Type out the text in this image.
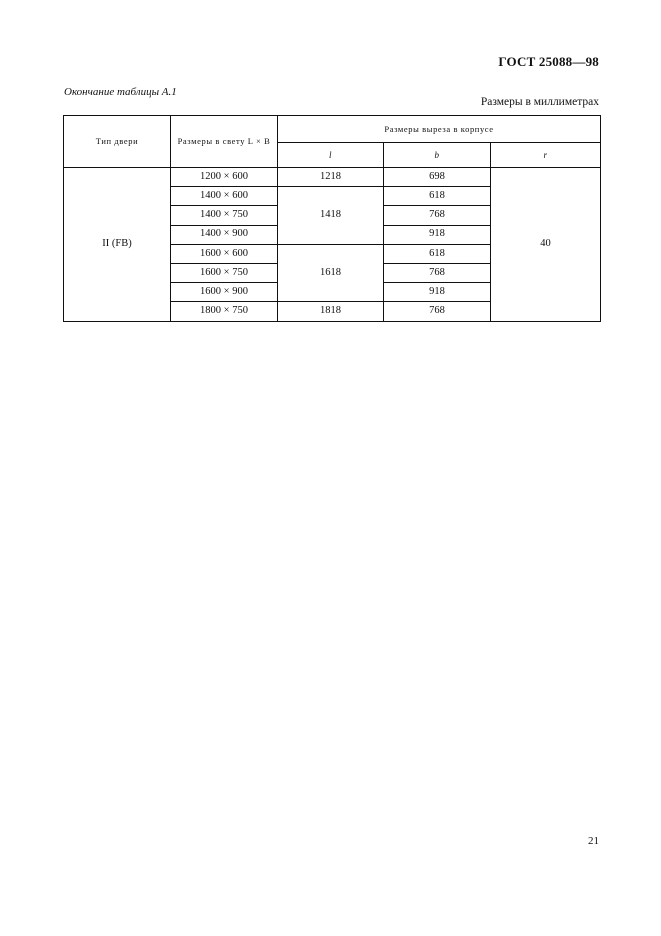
ГОСТ 25088—98
Окончание таблицы А.1
Размеры в миллиметрах
Тип двери	Размеры в свету L × B	Размеры выреза в корпусе		
		l	b	r
II (FB)	1200 × 600	1218	698	40
	1400 × 600	1418	618	
	1400 × 750		768	
	1400 × 900		918	
	1600 × 600	1618	618	
	1600 × 750		768	
	1600 × 900		918	
	1800 × 750	1818	768	
21
